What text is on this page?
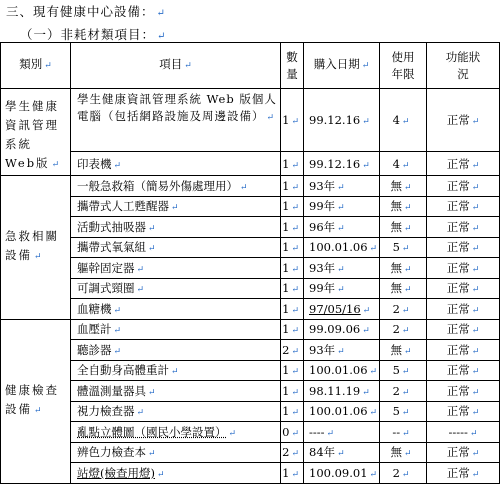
三、現有健康中心設備： ↵
（一）非耗材類項目： ↵
類別 ↵	項目 ↵	數量	購入日期 ↵	使用年限	功能狀況
學生健康資訊管理系統 Web版 ↵	學生健康資訊管理系統 Web 版個人電腦（包括網路設施及周邊設備） ↵	1 ↵	99.12.16 ↵	4 ↵	正常 ↵
	印表機 ↵	1 ↵	99.12.16 ↵	4 ↵	正常 ↵
急救相關設備 ↵	一般急救箱（簡易外傷處理用） ↵	1 ↵	93年 ↵	無 ↵	正常 ↵
	攜帶式人工甦醒器 ↵	1 ↵	99年 ↵	無 ↵	正常 ↵
	活動式抽吸器 ↵	1 ↵	96年 ↵	無 ↵	正常 ↵
	攜帶式氧氣組 ↵	1 ↵	100.01.06 ↵	5 ↵	正常 ↵
	軀幹固定器 ↵	1 ↵	93年 ↵	無 ↵	正常 ↵
	可調式頸圈 ↵	1 ↵	99年 ↵	無 ↵	正常 ↵
	血糖機 ↵	1 ↵	97/05/16 ↵	2 ↵	正常 ↵
健康檢查設備 ↵	血壓計 ↵	1 ↵	99.09.06 ↵	2 ↵	正常 ↵
	聽診器 ↵	2 ↵	93年 ↵	無 ↵	正常 ↵
	全自動身高體重計 ↵	1 ↵	100.01.06 ↵	5 ↵	正常 ↵
	體溫測量器具 ↵	1 ↵	98.11.19 ↵	2 ↵	正常 ↵
	視力檢查器 ↵	1 ↵	100.01.06 ↵	5 ↵	正常 ↵
	亂點立體圖（國民小學設置） ↵	0 ↵	---- ↵	-- ↵	----- ↵
	辨色力檢查本 ↵	2 ↵	84年 ↵	無 ↵	正常 ↵
	站燈(檢查用燈) ↵	1 ↵	100.09.01 ↵	2 ↵	正常 ↵
